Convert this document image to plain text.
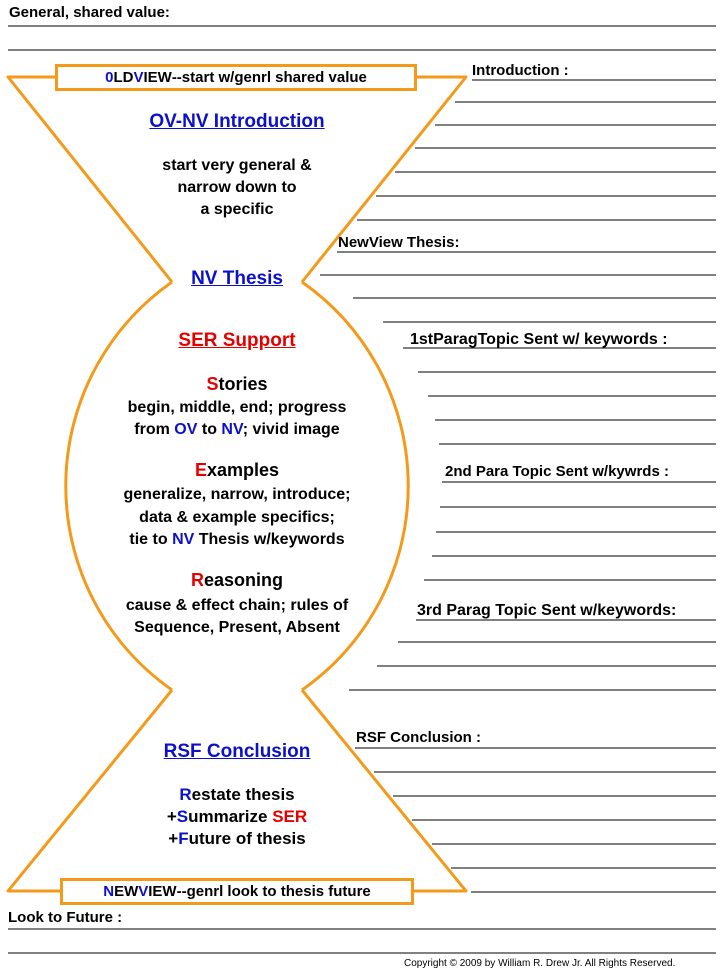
General, shared value:
0 LD V IEW --start w/genrl shared value
OV-NV Introduction
start very general &
narrow down to
a specific
NV Thesis
SER Support
Stories
begin, middle, end; progress
from OV to NV; vivid image
Examples
generalize, narrow, introduce;
data & example specifics;
tie to NV Thesis w/keywords
Reasoning
cause & effect chain; rules of
Sequence, Present, Absent
RSF Conclusion
Restate thesis
+Summarize SER
+Future of thesis
N EW V IEW --genrl look to thesis future
Introduction :
NewView Thesis:
1stParagTopic Sent w/ keywords :
2nd Para Topic Sent w/kywrds :
3rd Parag Topic Sent w/keywords:
RSF Conclusion :
Look to Future :
Copyright © 2009 by William R. Drew Jr. All Rights Reserved.
